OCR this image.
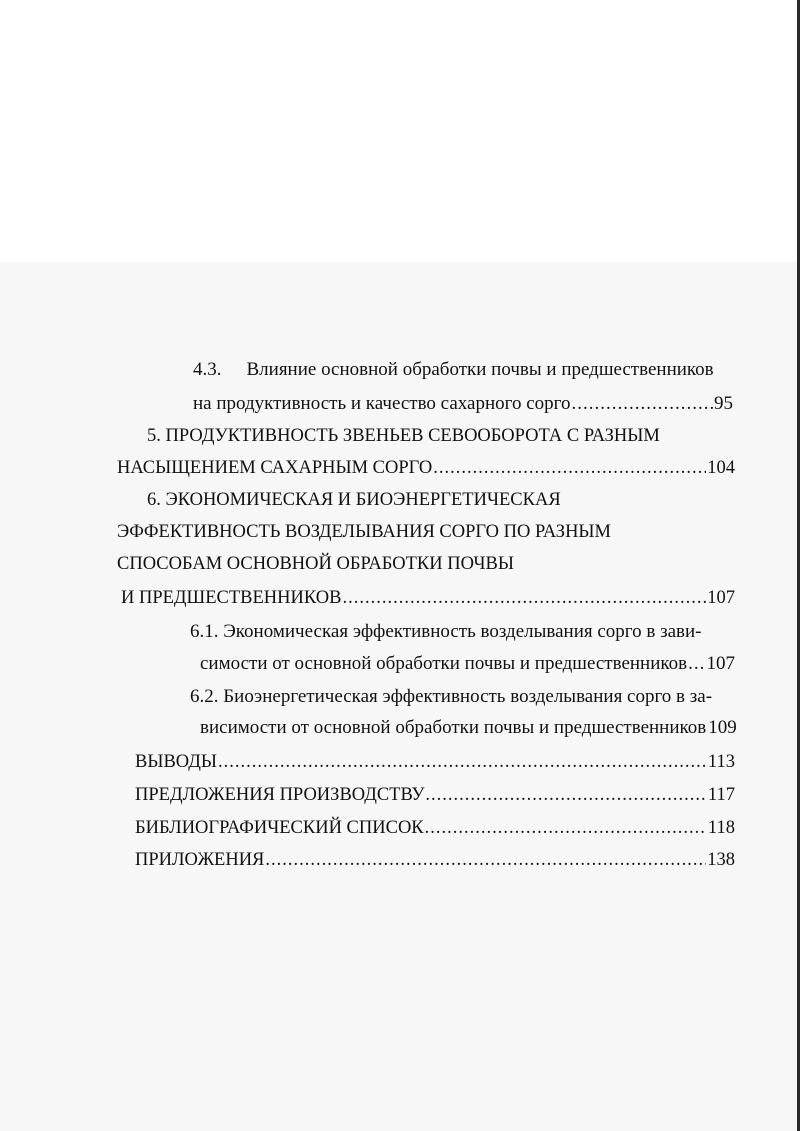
4.3. Влияние основной обработки почвы и предшественников
на продуктивность и качество сахарного сорго .....	95
5. ПРОДУКТИВНОСТЬ ЗВЕНЬЕВ СЕВООБОРОТА С РАЗНЫМ
НАСЫЩЕНИЕМ САХАРНЫМ СОРГО .....	104
6. ЭКОНОМИЧЕСКАЯ И БИОЭНЕРГЕТИЧЕСКАЯ
ЭФФЕКТИВНОСТЬ ВОЗДЕЛЫВАНИЯ СОРГО ПО РАЗНЫМ
СПОСОБАМ ОСНОВНОЙ ОБРАБОТКИ ПОЧВЫ
И ПРЕДШЕСТВЕННИКОВ .....	107
6.1. Экономическая эффективность возделывания сорго в зави-
симости от основной обработки почвы и предшественников ..... 107
6.2. Биоэнергетическая эффективность возделывания сорго в за-
висимости от основной обработки почвы и предшественников 109
ВЫВОДЫ .....	113
ПРЕДЛОЖЕНИЯ ПРОИЗВОДСТВУ .....	117
БИБЛИОГРАФИЧЕСКИЙ СПИСОК .....	118
ПРИЛОЖЕНИЯ .....	138
